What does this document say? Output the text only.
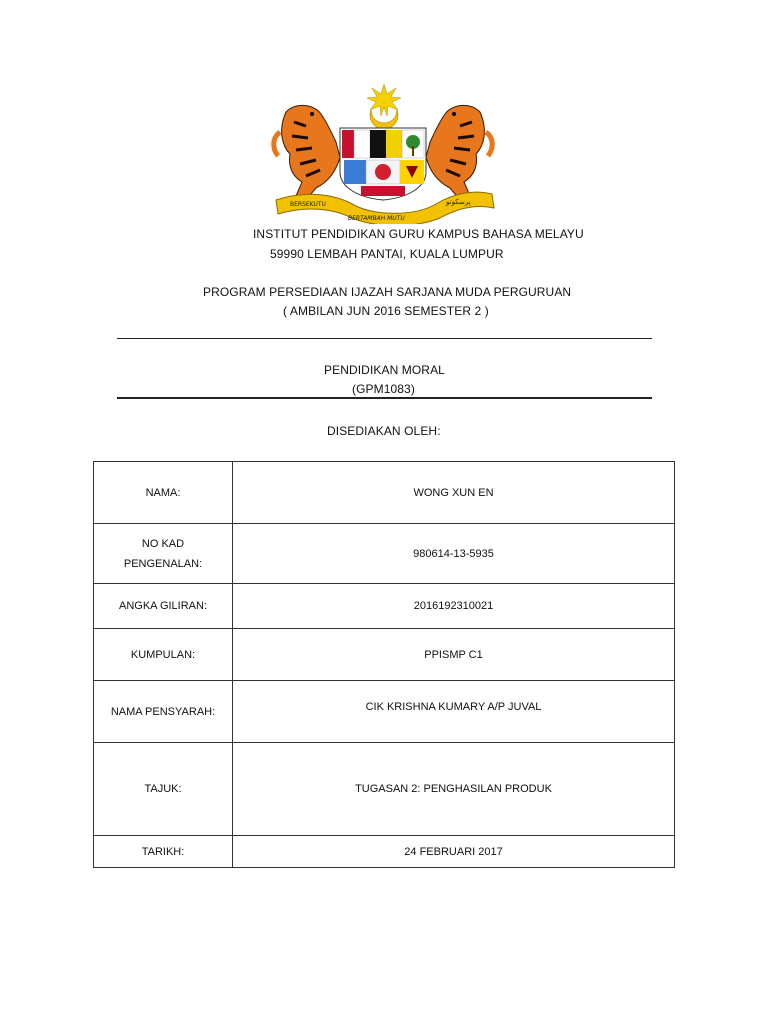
BERSEKUTU
BERTAMBAH MUTU
بِرسکوتو
INSTITUT PENDIDIKAN GURU KAMPUS BAHASA MELAYU
59990 LEMBAH PANTAI, KUALA LUMPUR
PROGRAM PERSEDIAAN IJAZAH SARJANA MUDA PERGURUAN
( AMBILAN JUN 2016 SEMESTER 2 )
PENDIDIKAN MORAL
(GPM1083)
DISEDIAKAN OLEH:
NAMA:	WONG XUN EN

NO KAD PENGENALAN:	980614-13-5935
ANGKA GILIRAN:	2016192310021
KUMPULAN:	PPISMP C1
NAMA PENSYARAH:	CIK KRISHNA KUMARY A/P JUVAL
TAJUK:	TUGASAN 2: PENGHASILAN PRODUK
TARIKH:	24 FEBRUARI 2017
